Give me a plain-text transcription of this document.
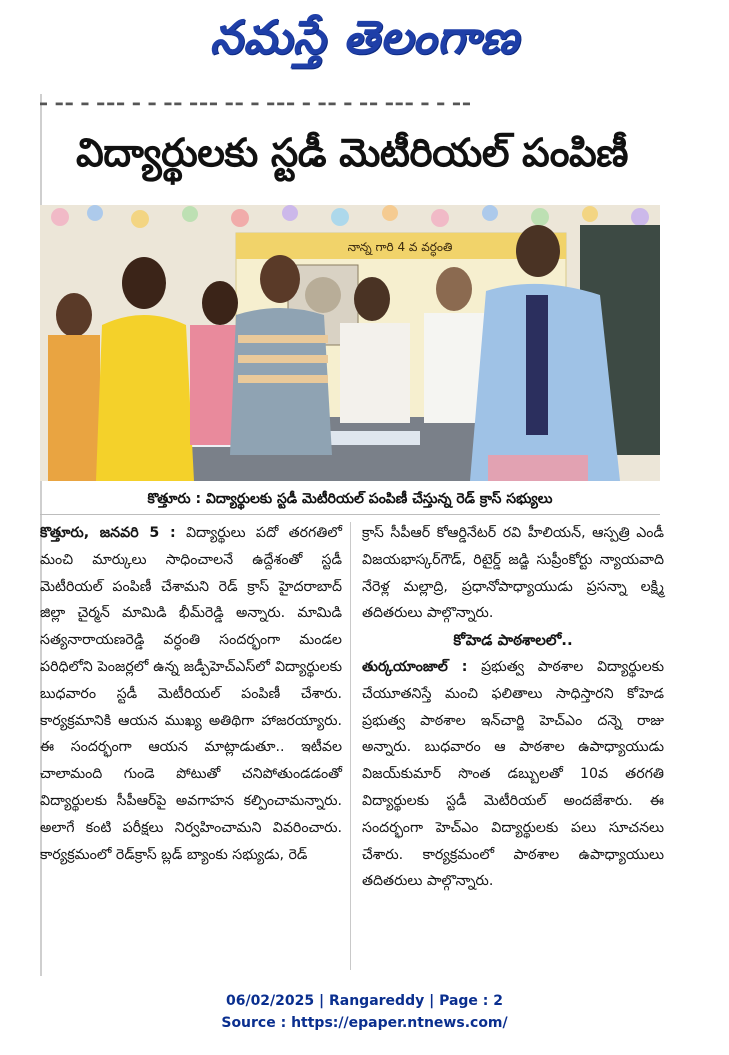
నమస్తే తెలంగాణ
▂ ▂▂ ▂ ▂▂▂ ▂ ▂ ▂▂ ▂▂▂ ▂▂ ▂ ▂▂▂ ▂ ▂▂ ▂ ▂▂ ▂▂▂ ▂ ▂ ▂▂
విద్యార్థులకు స్టడీ మెటీరియల్ పంపిణీ
నాన్న గారి 4 వ వర్ధంతి
కొత్తూరు : విద్యార్థులకు స్టడీ మెటీరియల్ పంపిణీ చేస్తున్న రెడ్ క్రాస్ సభ్యులు

కొత్తూరు, జనవరి 5 : విద్యార్థులు పదో తరగతిలో మంచి మార్కులు సాధించాలనే ఉద్దేశంతో స్టడీ మెటీరియల్ పంపిణీ చేశామని రెడ్ క్రాస్ హైదరాబాద్ జిల్లా చైర్మన్ మామిడి భీమ్‌రెడ్డి అన్నారు. మామిడి సత్యనారాయణరెడ్డి వర్ధంతి సందర్భంగా మండల పరిధిలోని పెంజర్లలో ఉన్న జడ్పీహెచ్ఎస్‌లో విద్యార్థులకు బుధవారం స్టడీ మెటీరియల్ పంపిణీ చేశారు. కార్యక్రమానికి ఆయన ముఖ్య అతిథిగా హాజరయ్యారు. ఈ సందర్భంగా ఆయన మాట్లాడుతూ.. ఇటీవల చాలామంది గుండె పోటుతో చనిపోతుండడంతో విద్యార్థులకు సీపీఆర్‌పై అవగాహన కల్పించామన్నారు. అలాగే కంటి పరీక్షలు నిర్వహించామని వివరించారు. కార్యక్రమంలో రెడ్‌క్రాస్ బ్లడ్ బ్యాంకు సభ్యుడు, రెడ్

క్రాస్ సీపీఆర్ కోఆర్డినేటర్ రవి హీలియన్, ఆస్పత్రి ఎండీ విజయభాస్కర్‌గౌడ్, రిటైర్డ్ జడ్జి సుప్రీంకోర్టు న్యాయవాది నేరెళ్ల మల్లాద్రి, ప్రధానోపాధ్యాయుడు ప్రసన్నా లక్ష్మి తదితరులు పాల్గొన్నారు.

కోహెడ పాఠశాలలో..

తుర్కయాంజాల్ : ప్రభుత్వ పాఠశాల విద్యార్థులకు చేయూతనిస్తే మంచి ఫలితాలు సాధిస్తారని కోహెడ ప్రభుత్వ పాఠశాల ఇన్‌చార్జి హెచ్ఎం దన్నె రాజు అన్నారు. బుధవారం ఆ పాఠశాల ఉపాధ్యాయుడు విజయ్‌కుమార్ సొంత డబ్బులతో 10వ తరగతి విద్యార్థులకు స్టడీ మెటీరియల్ అందజేశారు. ఈ సందర్భంగా హెచ్ఎం విద్యార్థులకు పలు సూచనలు చేశారు. కార్యక్రమంలో పాఠశాల ఉపాధ్యాయులు తదితరులు పాల్గొన్నారు.

06/02/2025 | Rangareddy | Page : 2
Source : https://epaper.ntnews.com/
